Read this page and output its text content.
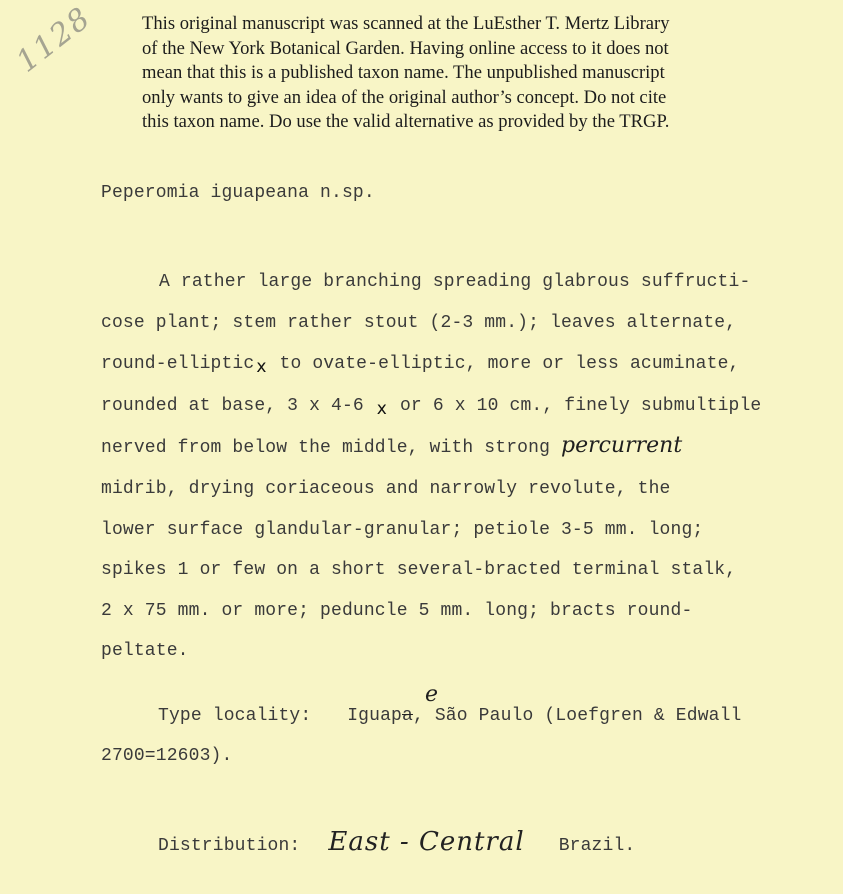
This original manuscript was scanned at the LuEsther T. Mertz Library
of the New York Botanical Garden. Having online access to it does not
mean that this is a published taxon name. The unpublished manuscript
only wants to give an idea of the original author’s concept. Do not cite
this taxon name. Do use the valid alternative as provided by the TRGP.
1128
Peperomia iguapeana n.sp.
A rather large branching spreading glabrous suffructi-
cose plant; stem rather stout (2-3 mm.); leaves alternate,
round-elliptic x to ovate-elliptic, more or less acuminate,
rounded at base, 3 x 4-6 x or 6 x 10 cm., finely submultiple
nerved from below the middle, with strong percurrent
midrib, drying coriaceous and narrowly revolute, the
lower surface glandular-granular; petiole 3-5 mm. long;
spikes 1 or few on a short several-bracted terminal stalk,
2 x 75 mm. or more; peduncle 5 mm. long; bracts round-
peltate.
e
Type locality: Iguapa, São Paulo (Loefgren & Edwall
2700=12603).
Distribution: East - Central Brazil.
